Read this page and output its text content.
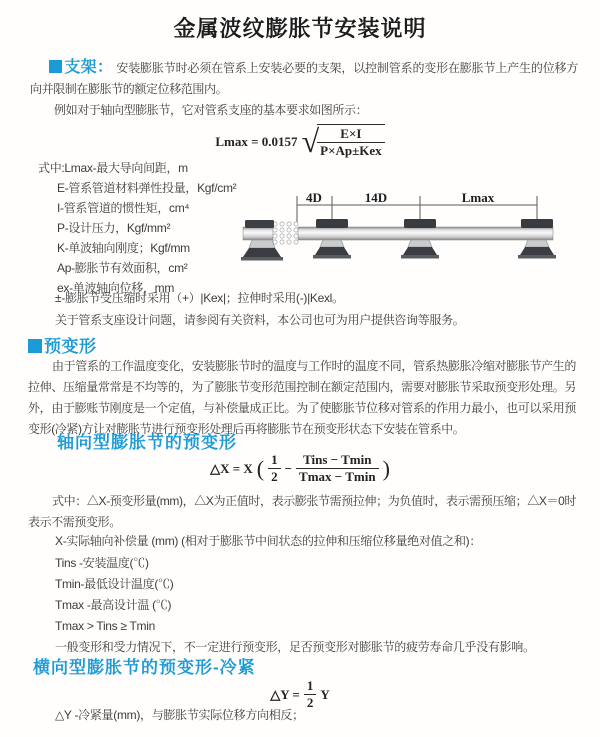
金属波纹膨胀节安装说明
支架： 安装膨胀节时必须在管系上安装必要的支架，以控制管系的变形在膨胀节上产生的位移方向并限制在膨胀节的额定位移范围内。
例如对于轴向型膨胀节，它对管系支座的基本要求如图所示：
Lmax = 0.0157 √
$\frac{E\times I}{\text{P×Ap±Kex}}$
式中:Lmax-最大导向间距，m
E-管系管道材料弹性投量，Kgf/cm²
I-管系管道的惯性矩，cm⁴
P-设计压力，Kgf/mm²
K-单波轴向刚度；Kgf/mm
Ap-膨胀节有效面积，cm²
ex-单波轴向位移，mm
±-膨胀节受压缩时采用（+）|Kex|；拉伸时采用(-)|Kexl。
关于管系支座设计问题，请参阅有关资料，本公司也可为用户提供咨询等服务。
4D	14D	Lmax
预变形
由于管系的工作温度变化，安装膨胀节时的温度与工作时的温度不同，管系热膨胀冷缩对膨胀节产生的拉伸、压缩量常常是不均等的，为了膨胀节变形范围控制在额定范围内，需要对膨胀节采取预变形处理。另外，由于膨账节刚度是一个定值，与补偿量成正比。为了使膨胀节位移对管系的作用力最小，也可以采用预变形(冷紧)方让对膨胀节进行预变形处理后再将膨胀节在预变形状态下安装在管系中。
轴向型膨胀节的预变形
△X = X ( $\frac{1}{2} - \frac{\text{Tins − Tmin}}{Tmax - Tmin}$ )
式中：△X-预变形量(mm)，△X为正值时，表示膨张节需预拉伸；为负值时，表示需预压缩；△X＝0时表示不需预变形。
X-实际轴向补偿量 (mm) (相对于膨胀节中间状态的拉伸和压缩位移量绝对值之和)：
Tins -安装温度(℃)
Tmin-最低设计温度(℃)
Tmax -最高设计温 (℃)
Tmax > Tins ≥ Tmin
一般变形和受力情况下，不一定进行预变形，足否预变形对膨胀节的疲劳寿命几乎没有影响。
横向型膨胀节的预变形-冷紧
△Y = $\frac{1}{2}$ Y
△Y -冷紧量(mm)，与膨胀节实际位移方向相反；
